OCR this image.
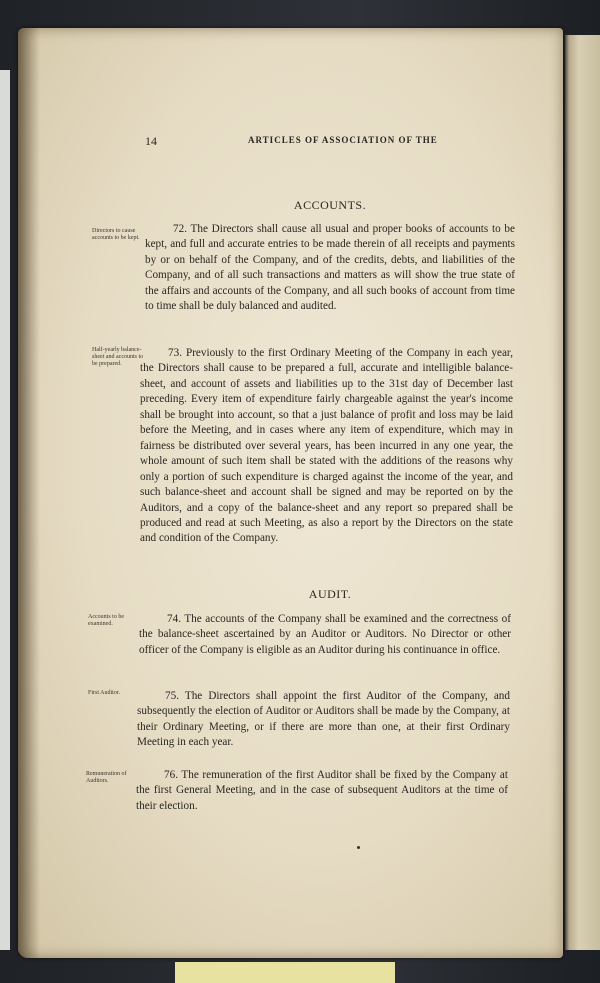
14	ARTICLES OF ASSOCIATION OF THE
ACCOUNTS.
Directors to cause accounts to be kept.
72. The Directors shall cause all usual and proper books of accounts to be kept, and full and accurate entries to be made therein of all receipts and payments by or on behalf of the Company, and of the credits, debts, and liabilities of the Company, and of all such transactions and matters as will show the true state of the affairs and accounts of the Company, and all such books of account from time to time shall be duly balanced and audited.
Half-yearly balance-sheet and accounts to be prepared.
73. Previously to the first Ordinary Meeting of the Company in each year, the Directors shall cause to be prepared a full, accurate and intelligible balance-sheet, and account of assets and liabilities up to the 31st day of December last preceding. Every item of expenditure fairly chargeable against the year's income shall be brought into account, so that a just balance of profit and loss may be laid before the Meeting, and in cases where any item of expenditure, which may in fairness be distributed over several years, has been incurred in any one year, the whole amount of such item shall be stated with the additions of the reasons why only a portion of such expenditure is charged against the income of the year, and such balance-sheet and account shall be signed and may be reported on by the Auditors, and a copy of the balance-sheet and any report so prepared shall be produced and read at such Meeting, as also a report by the Directors on the state and condition of the Company.
AUDIT.
Accounts to be examined.	74. The accounts of the Company shall be examined and the correctness of the balance-sheet ascertained by an Auditor or Auditors. No Director or other officer of the Company is eligible as an Auditor during his continuance in office.
First Auditor.	75. The Directors shall appoint the first Auditor of the Company, and subsequently the election of Auditor or Auditors shall be made by the Company, at their Ordinary Meeting, or if there are more than one, at their first Ordinary Meeting in each year.
Remuneration of Auditors.	76. The remuneration of the first Auditor shall be fixed by the Company at the first General Meeting, and in the case of subsequent Auditors at the time of their election.
